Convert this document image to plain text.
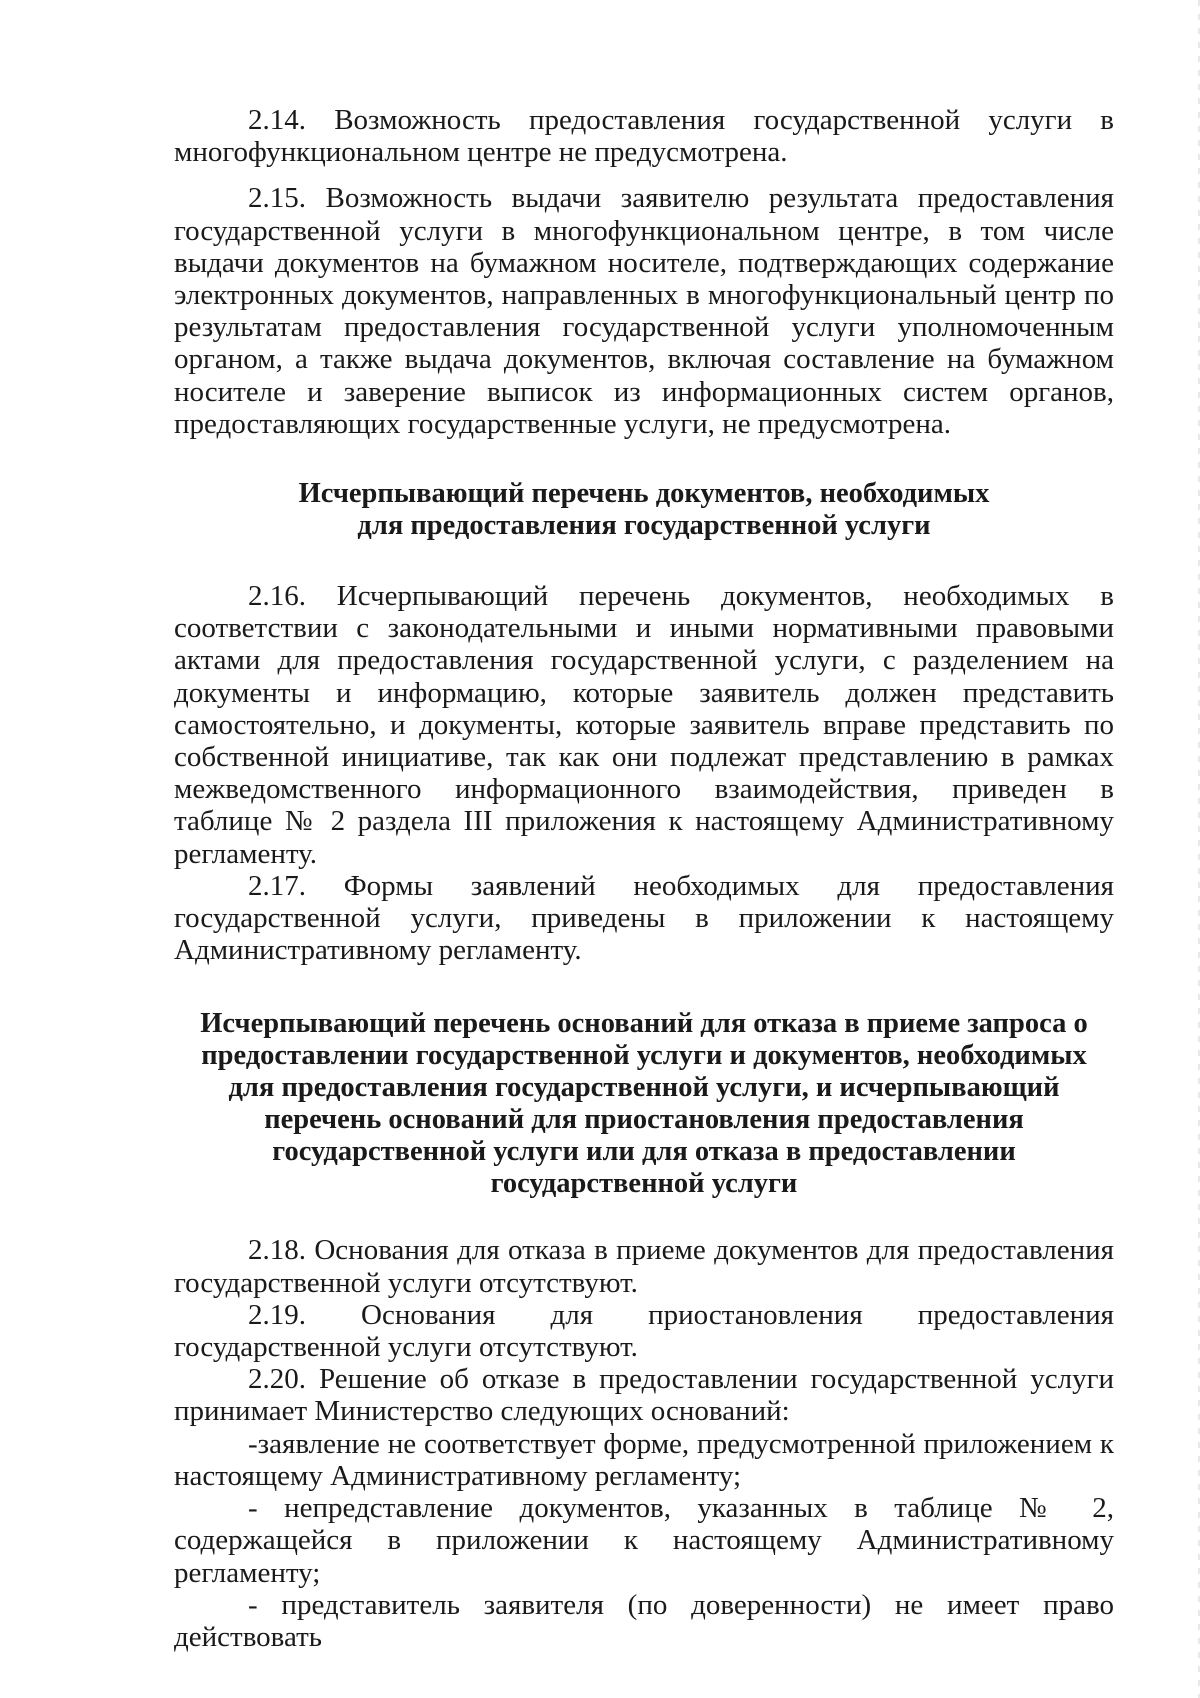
2.14. Возможность предоставления государственной услуги в многофункциональном центре не предусмотрена.

2.15. Возможность выдачи заявителю результата предоставления государственной услуги в многофункциональном центре, в том числе выдачи документов на бумажном носителе, подтверждающих содержание электронных документов, направленных в многофункциональный центр по результатам предоставления государственной услуги уполномоченным органом, а также выдача документов, включая составление на бумажном носителе и заверение выписок из информационных систем органов, предоставляющих государственные услуги, не предусмотрена.

Исчерпывающий перечень документов, необходимых
для предоставления государственной услуги

2.16. Исчерпывающий перечень документов, необходимых в соответствии с законодательными и иными нормативными правовыми актами для предоставления государственной услуги, с разделением на документы и информацию, которые заявитель должен представить самостоятельно, и документы, которые заявитель вправе представить по собственной инициативе, так как они подлежат представлению в рамках межведомственного информационного взаимодействия, приведен в таблице № 2 раздела III приложения к настоящему Административному регламенту.

2.17. Формы заявлений необходимых для предоставления государственной услуги, приведены в приложении к настоящему Административному регламенту.

Исчерпывающий перечень оснований для отказа в приеме запроса о
предоставлении государственной услуги и документов, необходимых
для предоставления государственной услуги, и исчерпывающий
перечень оснований для приостановления предоставления
государственной услуги или для отказа в предоставлении
государственной услуги

2.18. Основания для отказа в приеме документов для предоставления государственной услуги отсутствуют.

2.19. Основания для приостановления предоставления государственной услуги отсутствуют.

2.20. Решение об отказе в предоставлении государственной услуги принимает Министерство следующих оснований:

-заявление не соответствует форме, предусмотренной приложением к настоящему Административному регламенту;

- непредставление документов, указанных в таблице № 2, содержащейся в приложении к настоящему Административному регламенту;

- представитель заявителя (по доверенности) не имеет право действовать
